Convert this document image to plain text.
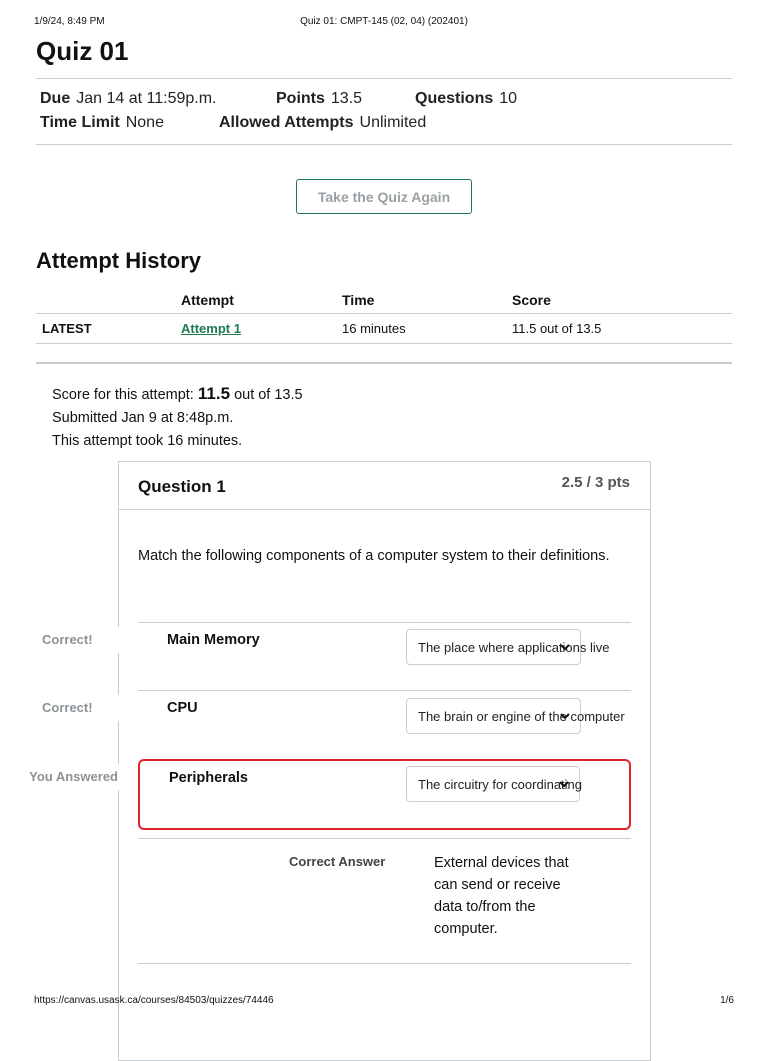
1/9/24, 8:49 PM	Quiz 01: CMPT-145 (02, 04) (202401)
Quiz 01
Due Jan 14 at 11:59p.m.	Points 13.5	Questions 10
Time Limit None	Allowed Attempts Unlimited
Take the Quiz Again
Attempt History
	Attempt	Time	Score
LATEST	Attempt 1	16 minutes	11.5 out of 13.5
Score for this attempt: 11.5 out of 13.5
Submitted Jan 9 at 8:48p.m.
This attempt took 16 minutes.
Question 1	2.5 / 3 pts
Match the following components of a computer system to their definitions.
Correct!	Main Memory	The place where applications live
Correct!	CPU	The brain or engine of the computer
You Answered	Peripherals	The circuitry for coordinating
Correct Answer	External devices that can send or receive data to/from the computer.
https://canvas.usask.ca/courses/84503/quizzes/74446	1/6
